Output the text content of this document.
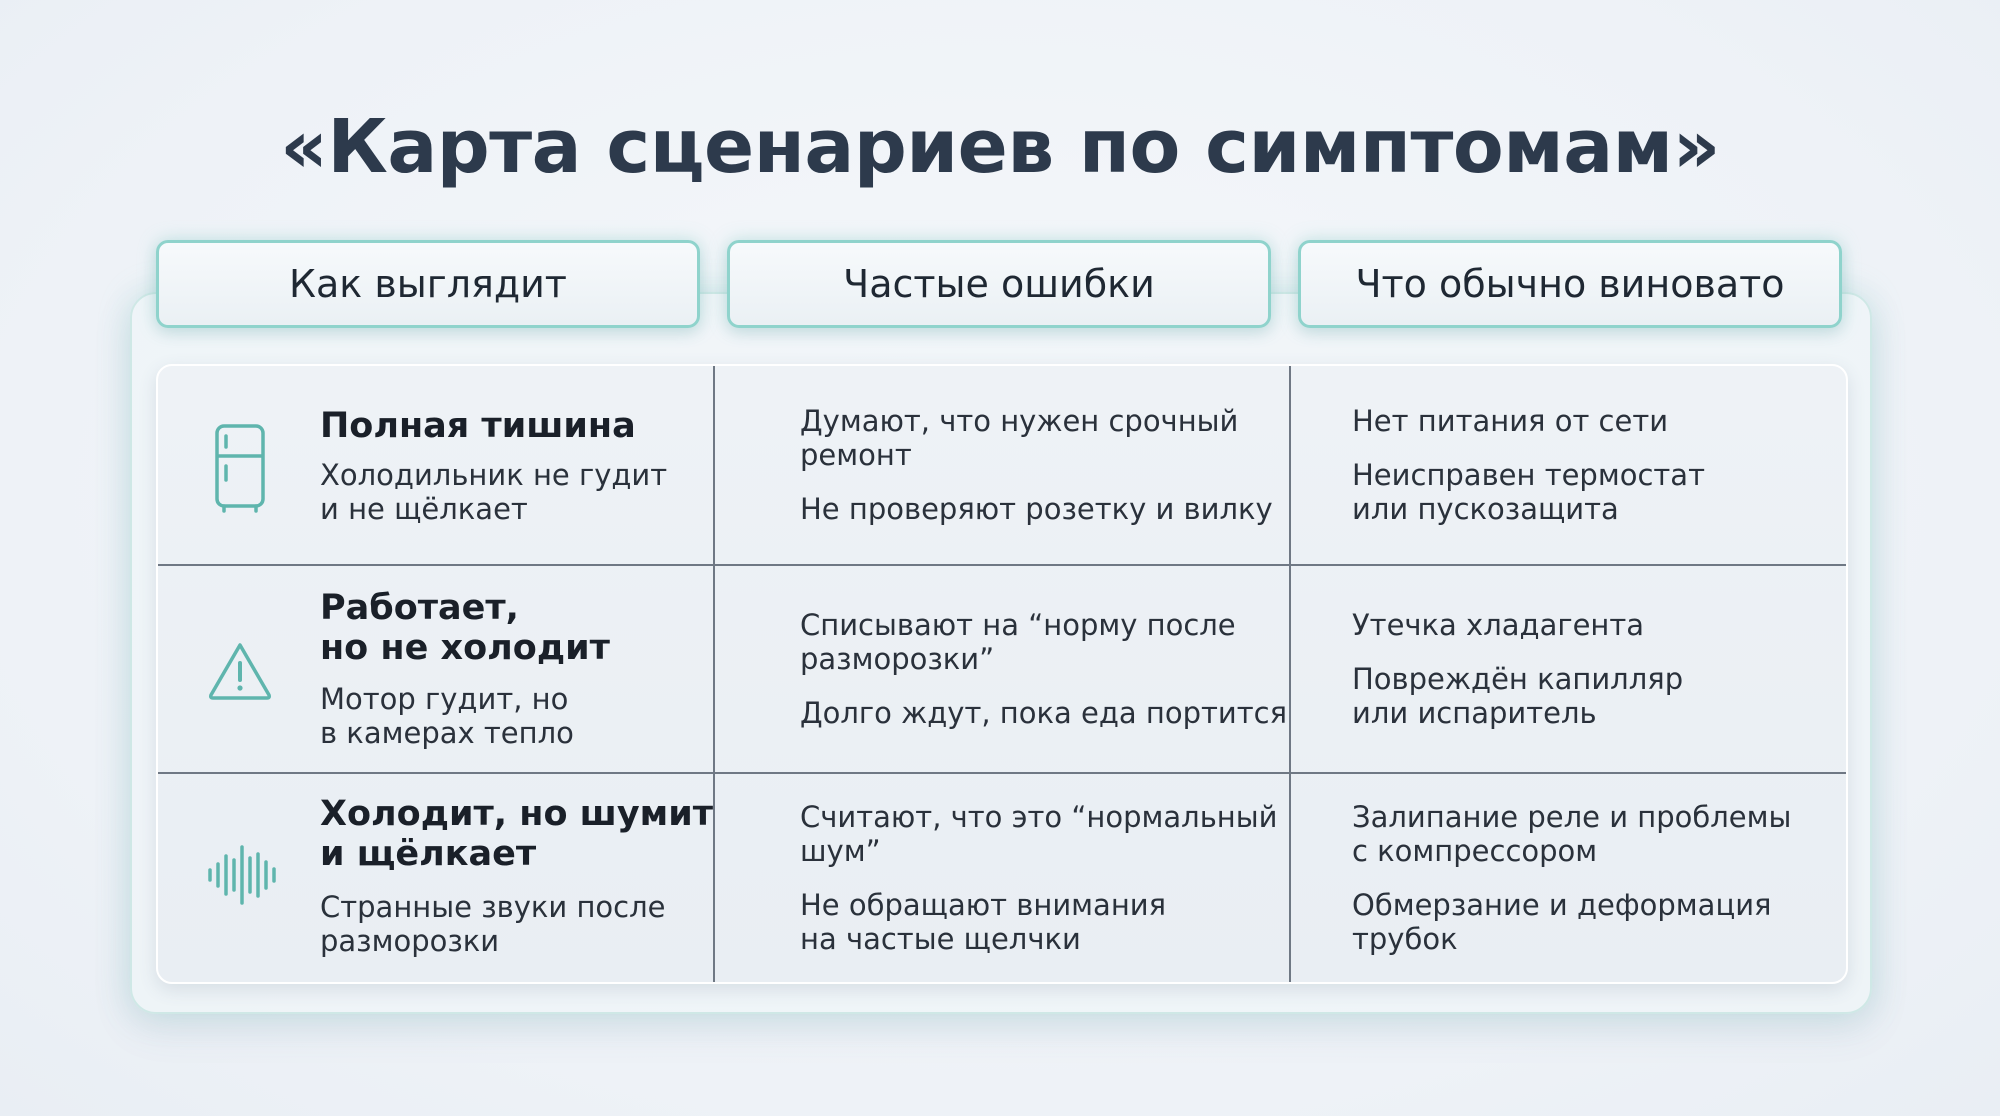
«Карта сценариев по симптомам»
Как выглядит	Частые ошибки	Что обычно виновато
Полная тишина
Холодильник не гудит
и не щёлкает
Думают, что нужен срочный
ремонт
Не проверяют розетку и вилку
Нет питания от сети
Неисправен термостат
или пускозащита
Работает,
но не холодит
Мотор гудит, но
в камерах тепло
Списывают на “норму после
разморозки”
Долго ждут, пока еда портится
Утечка хладагента
Повреждён капилляр
или испаритель
Холодит, но шумит
и щёлкает
Странные звуки после
разморозки
Считают, что это “нормальный
шум”
Не обращают внимания
на частые щелчки
Залипание реле и проблемы
с компрессором
Обмерзание и деформация
трубок
